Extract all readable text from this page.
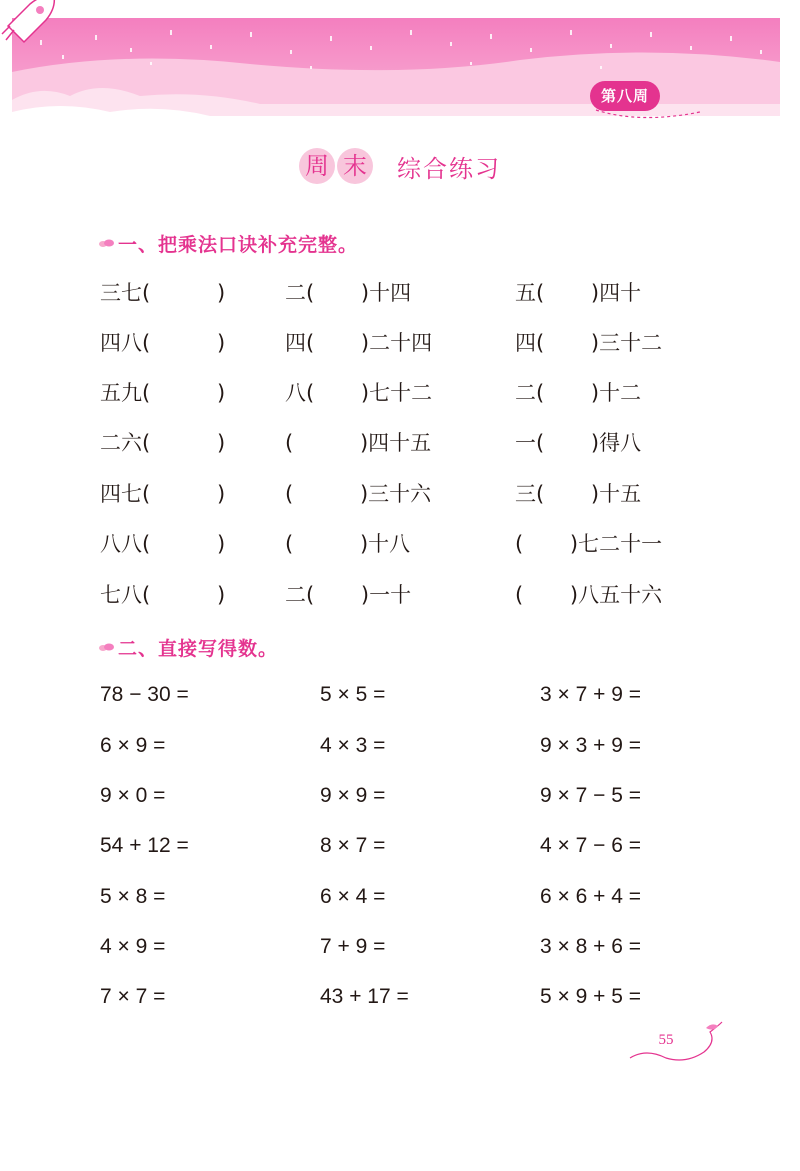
第八周
周 末 综合练习
一、把乘法口诀补充完整。
三七(          )	二(       )十四	五(       )四十
四八(          )	四(       )二十四	四(       )三十二
五九(          )	八(       )七十二	二(       )十二
二六(          )	(          )四十五	一(       )得八
四七(          )	(          )三十六	三(       )十五
八八(          )	(          )十八	(       )七二十一
七八(          )	二(       )一十	(       )八五十六
二、直接写得数。
78 − 30 =	5 × 5 =	3 × 7 + 9 =
6 × 9 =	4 × 3 =	9 × 3 + 9 =
9 × 0 =	9 × 9 =	9 × 7 − 5 =
54 + 12 =	8 × 7 =	4 × 7 − 6 =
5 × 8 =	6 × 4 =	6 × 6 + 4 =
4 × 9 =	7 + 9 =	3 × 8 + 6 =
7 × 7 =	43 + 17 =	5 × 9 + 5 =
55
